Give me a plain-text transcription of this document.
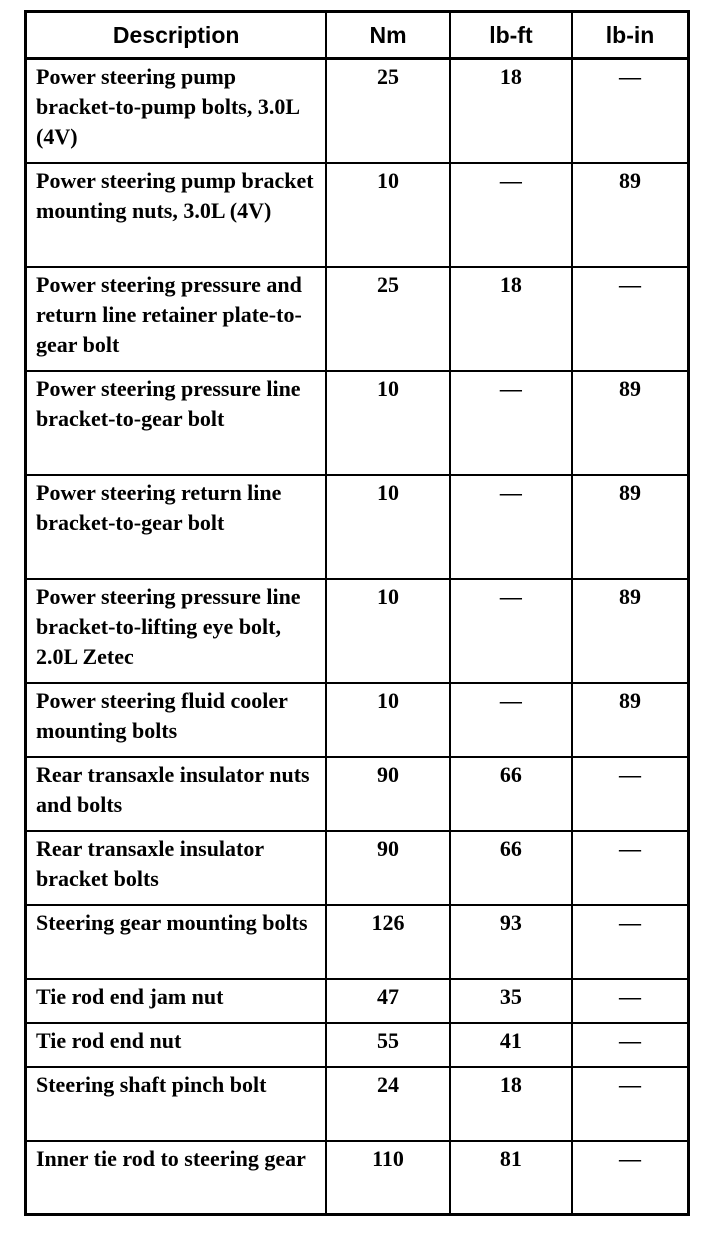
Description	Nm	lb-ft	lb-in
Power steering pump bracket-to-pump bolts, 3.0L (4V)	25	18	—
Power steering pump bracket mounting nuts, 3.0L (4V)	10	—	89
Power steering pressure and return line retainer plate-to-gear bolt	25	18	—
Power steering pressure line bracket-to-gear bolt	10	—	89
Power steering return line bracket-to-gear bolt	10	—	89
Power steering pressure line bracket-to-lifting eye bolt, 2.0L Zetec	10	—	89
Power steering fluid cooler mounting bolts	10	—	89
Rear transaxle insulator nuts and bolts	90	66	—
Rear transaxle insulator bracket bolts	90	66	—
Steering gear mounting bolts	126	93	—
Tie rod end jam nut	47	35	—
Tie rod end nut	55	41	—
Steering shaft pinch bolt	24	18	—
Inner tie rod to steering gear	110	81	—
